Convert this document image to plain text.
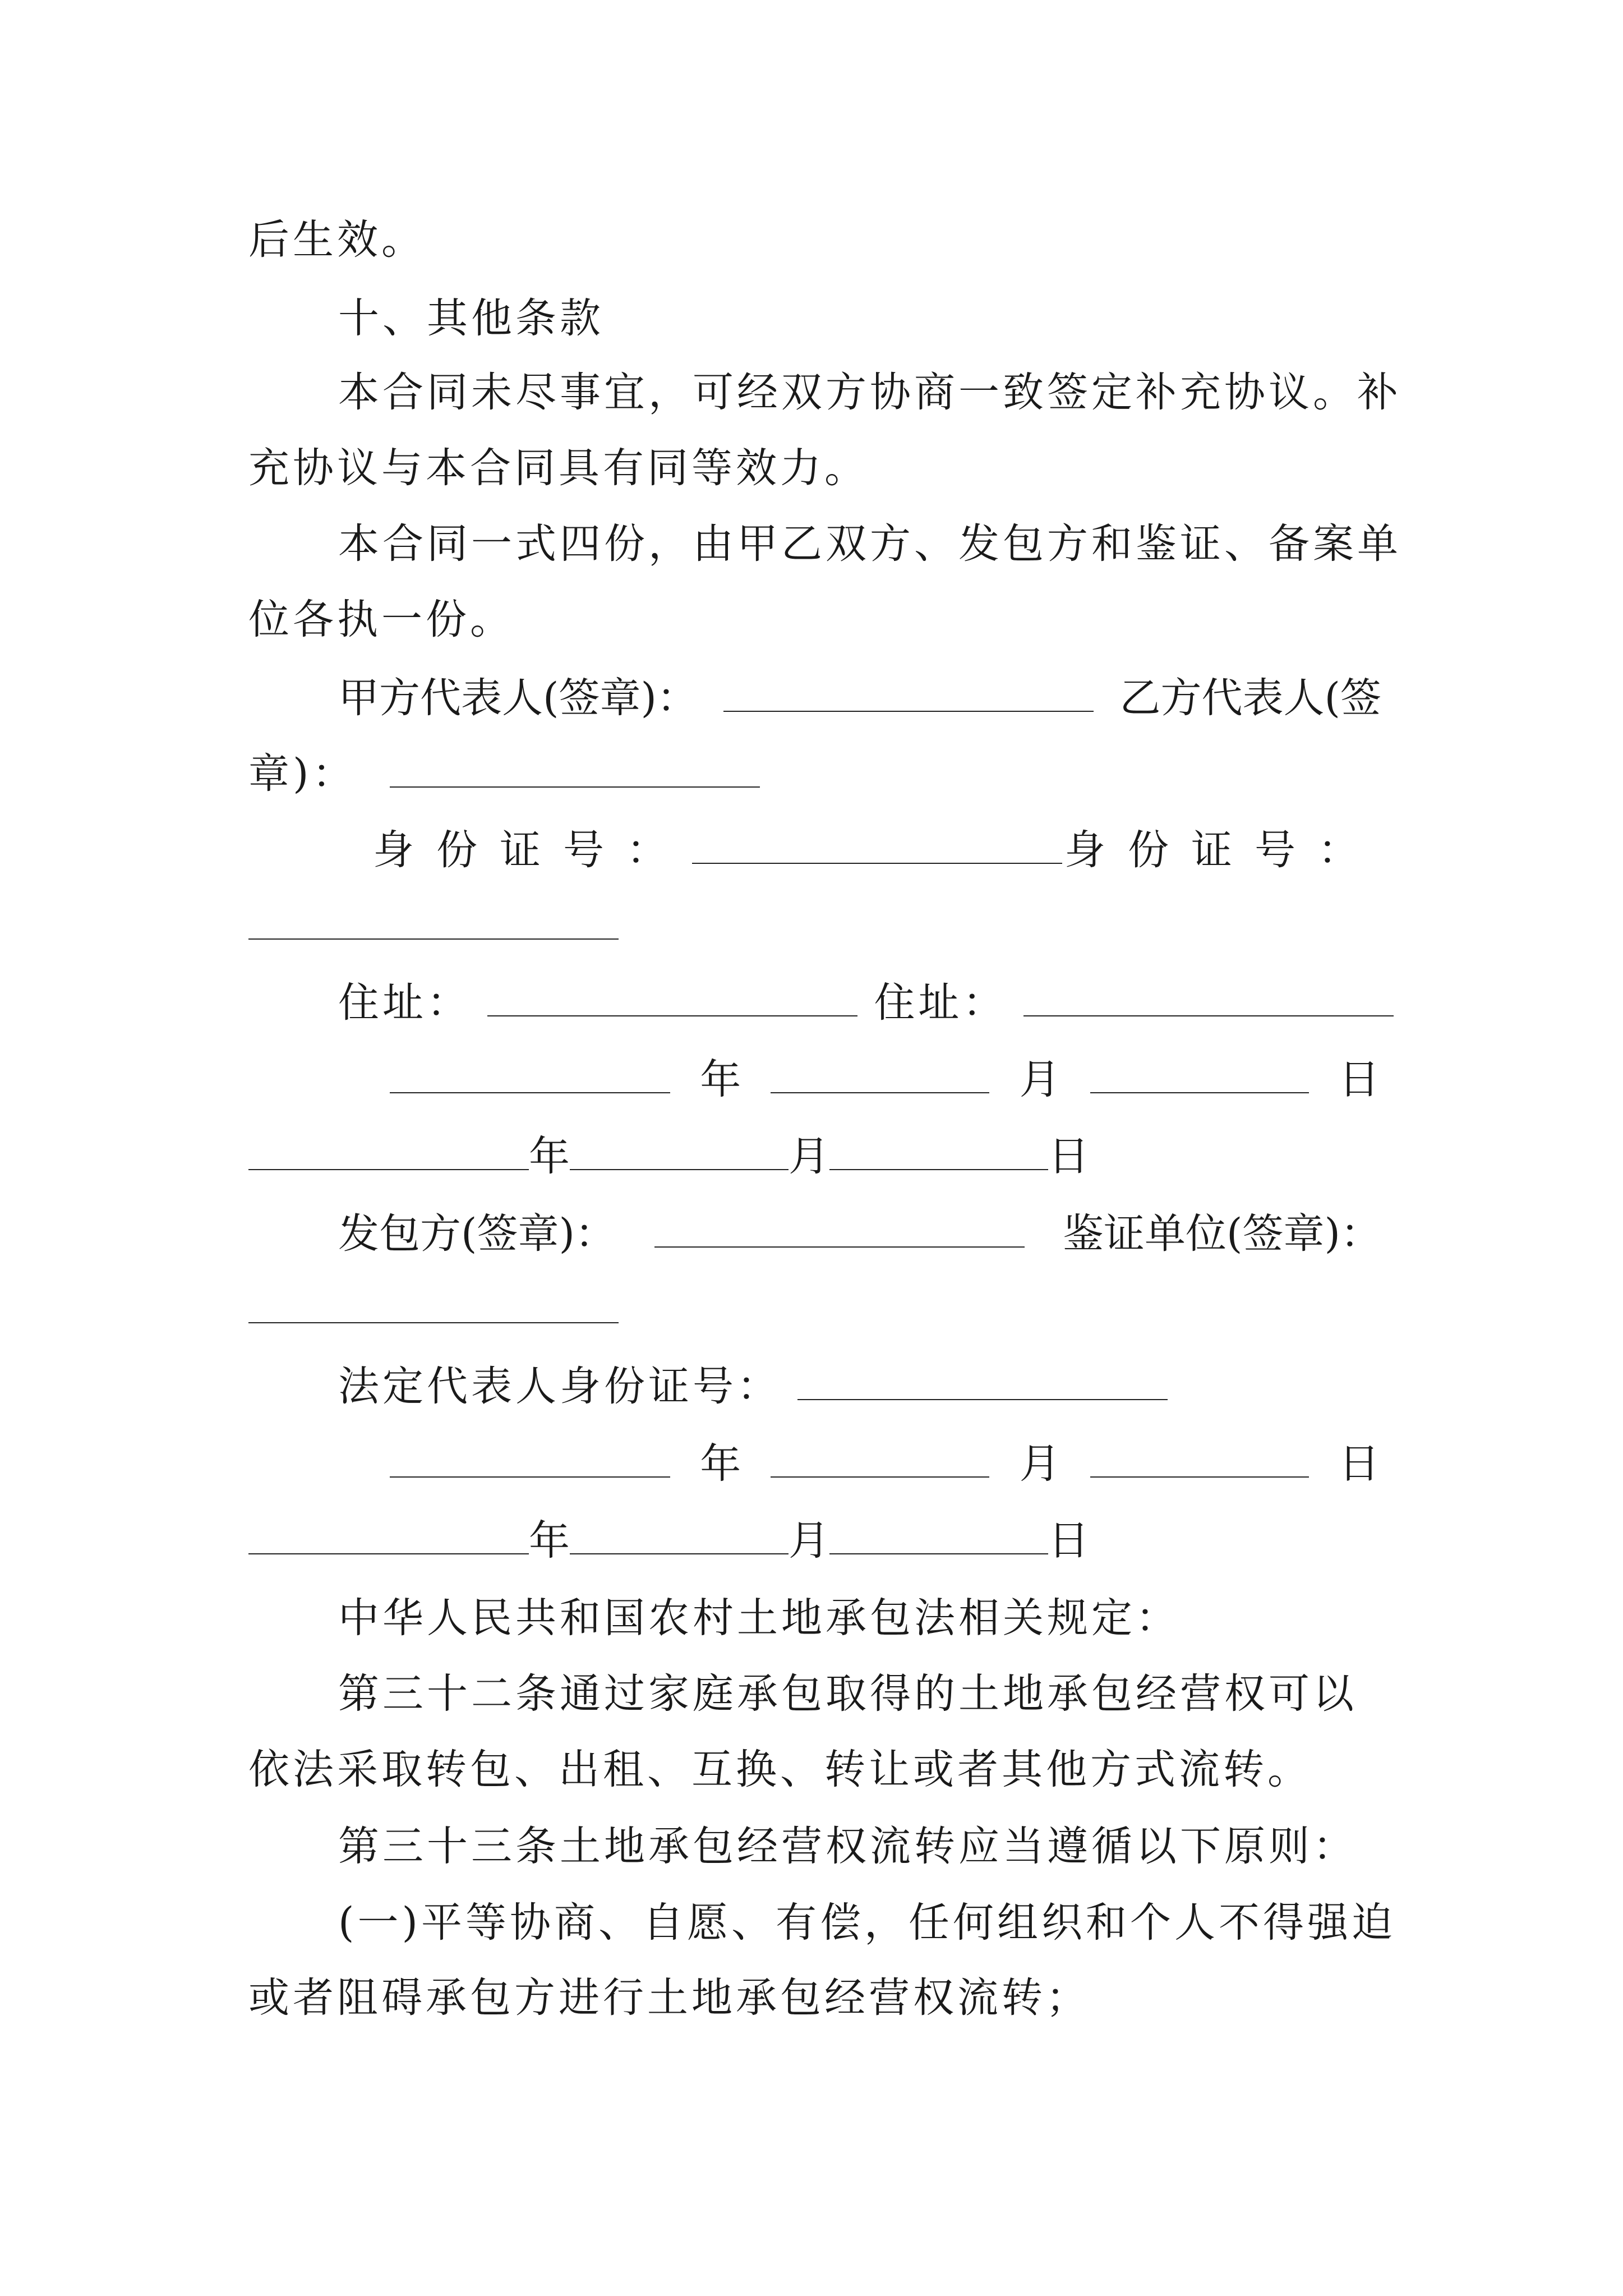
后生效。
十、其他条款
本合同未尽事宜，可经双方协商一致签定补充协议。补
充协议与本合同具有同等效力。
本合同一式四份，由甲乙双方、发包方和鉴证、备案单
位各执一份。
甲方代表人(签章)：	乙方代表人(签
章)：
身份证号：	身份证号：
住址：	住址：
年	月	日
年	月	日
发包方(签章)：	鉴证单位(签章)：
法定代表人身份证号：
年	月	日
年	月	日
中华人民共和国农村土地承包法相关规定：
第三十二条通过家庭承包取得的土地承包经营权可以
依法采取转包、出租、互换、转让或者其他方式流转。
第三十三条土地承包经营权流转应当遵循以下原则：
(一)平等协商、自愿、有偿，任何组织和个人不得强迫
或者阻碍承包方进行土地承包经营权流转；
